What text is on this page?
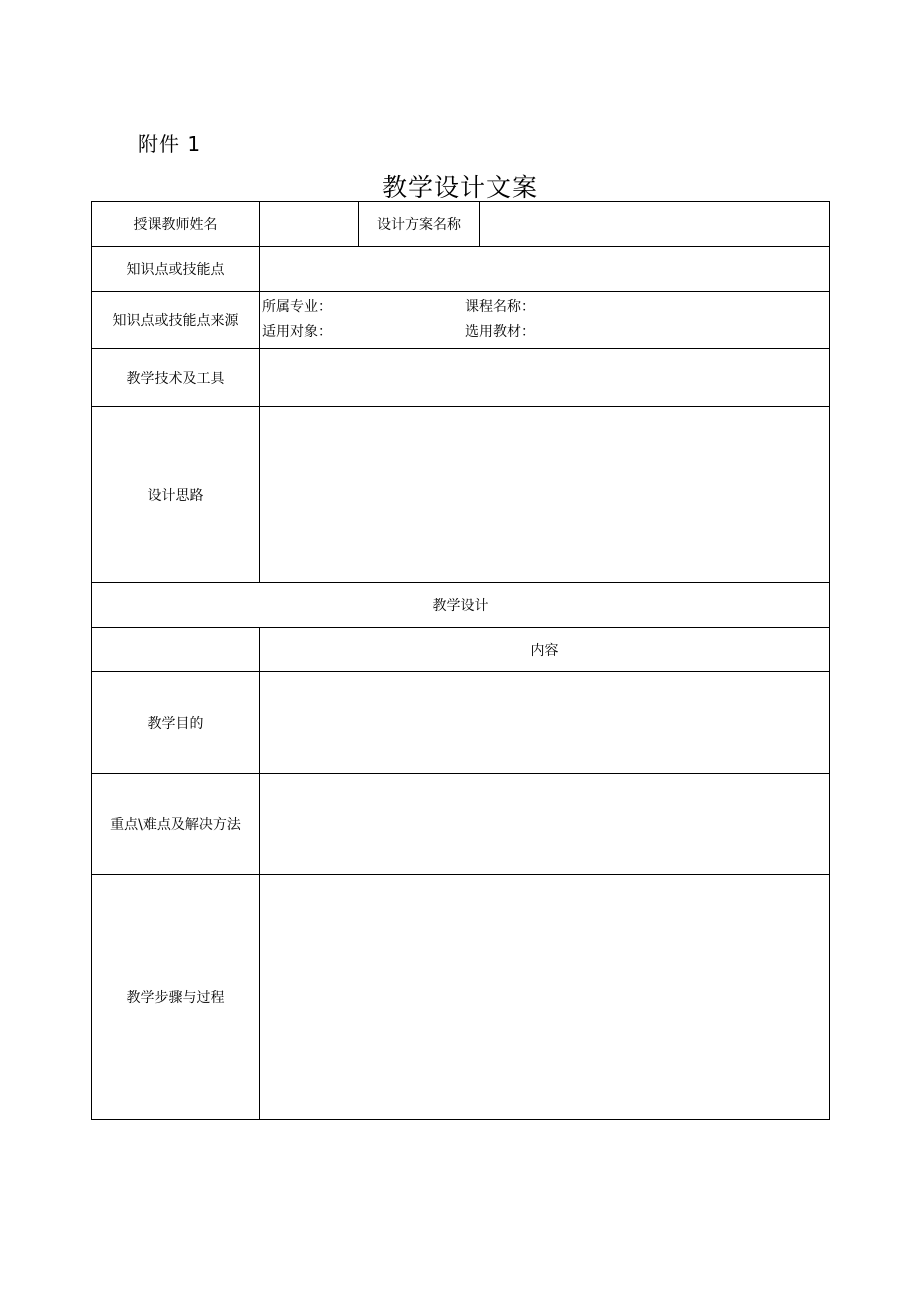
附件 1
教学设计文案
授课教师姓名		设计方案名称	
知识点或技能点			
知识点或技能点来源	所属专业： 课程名称：
适用对象： 选用教材：		

教学技术及工具			
设计思路			
教学设计			
	内容		
教学目的			
重点\难点及解决方法			
教学步骤与过程			
